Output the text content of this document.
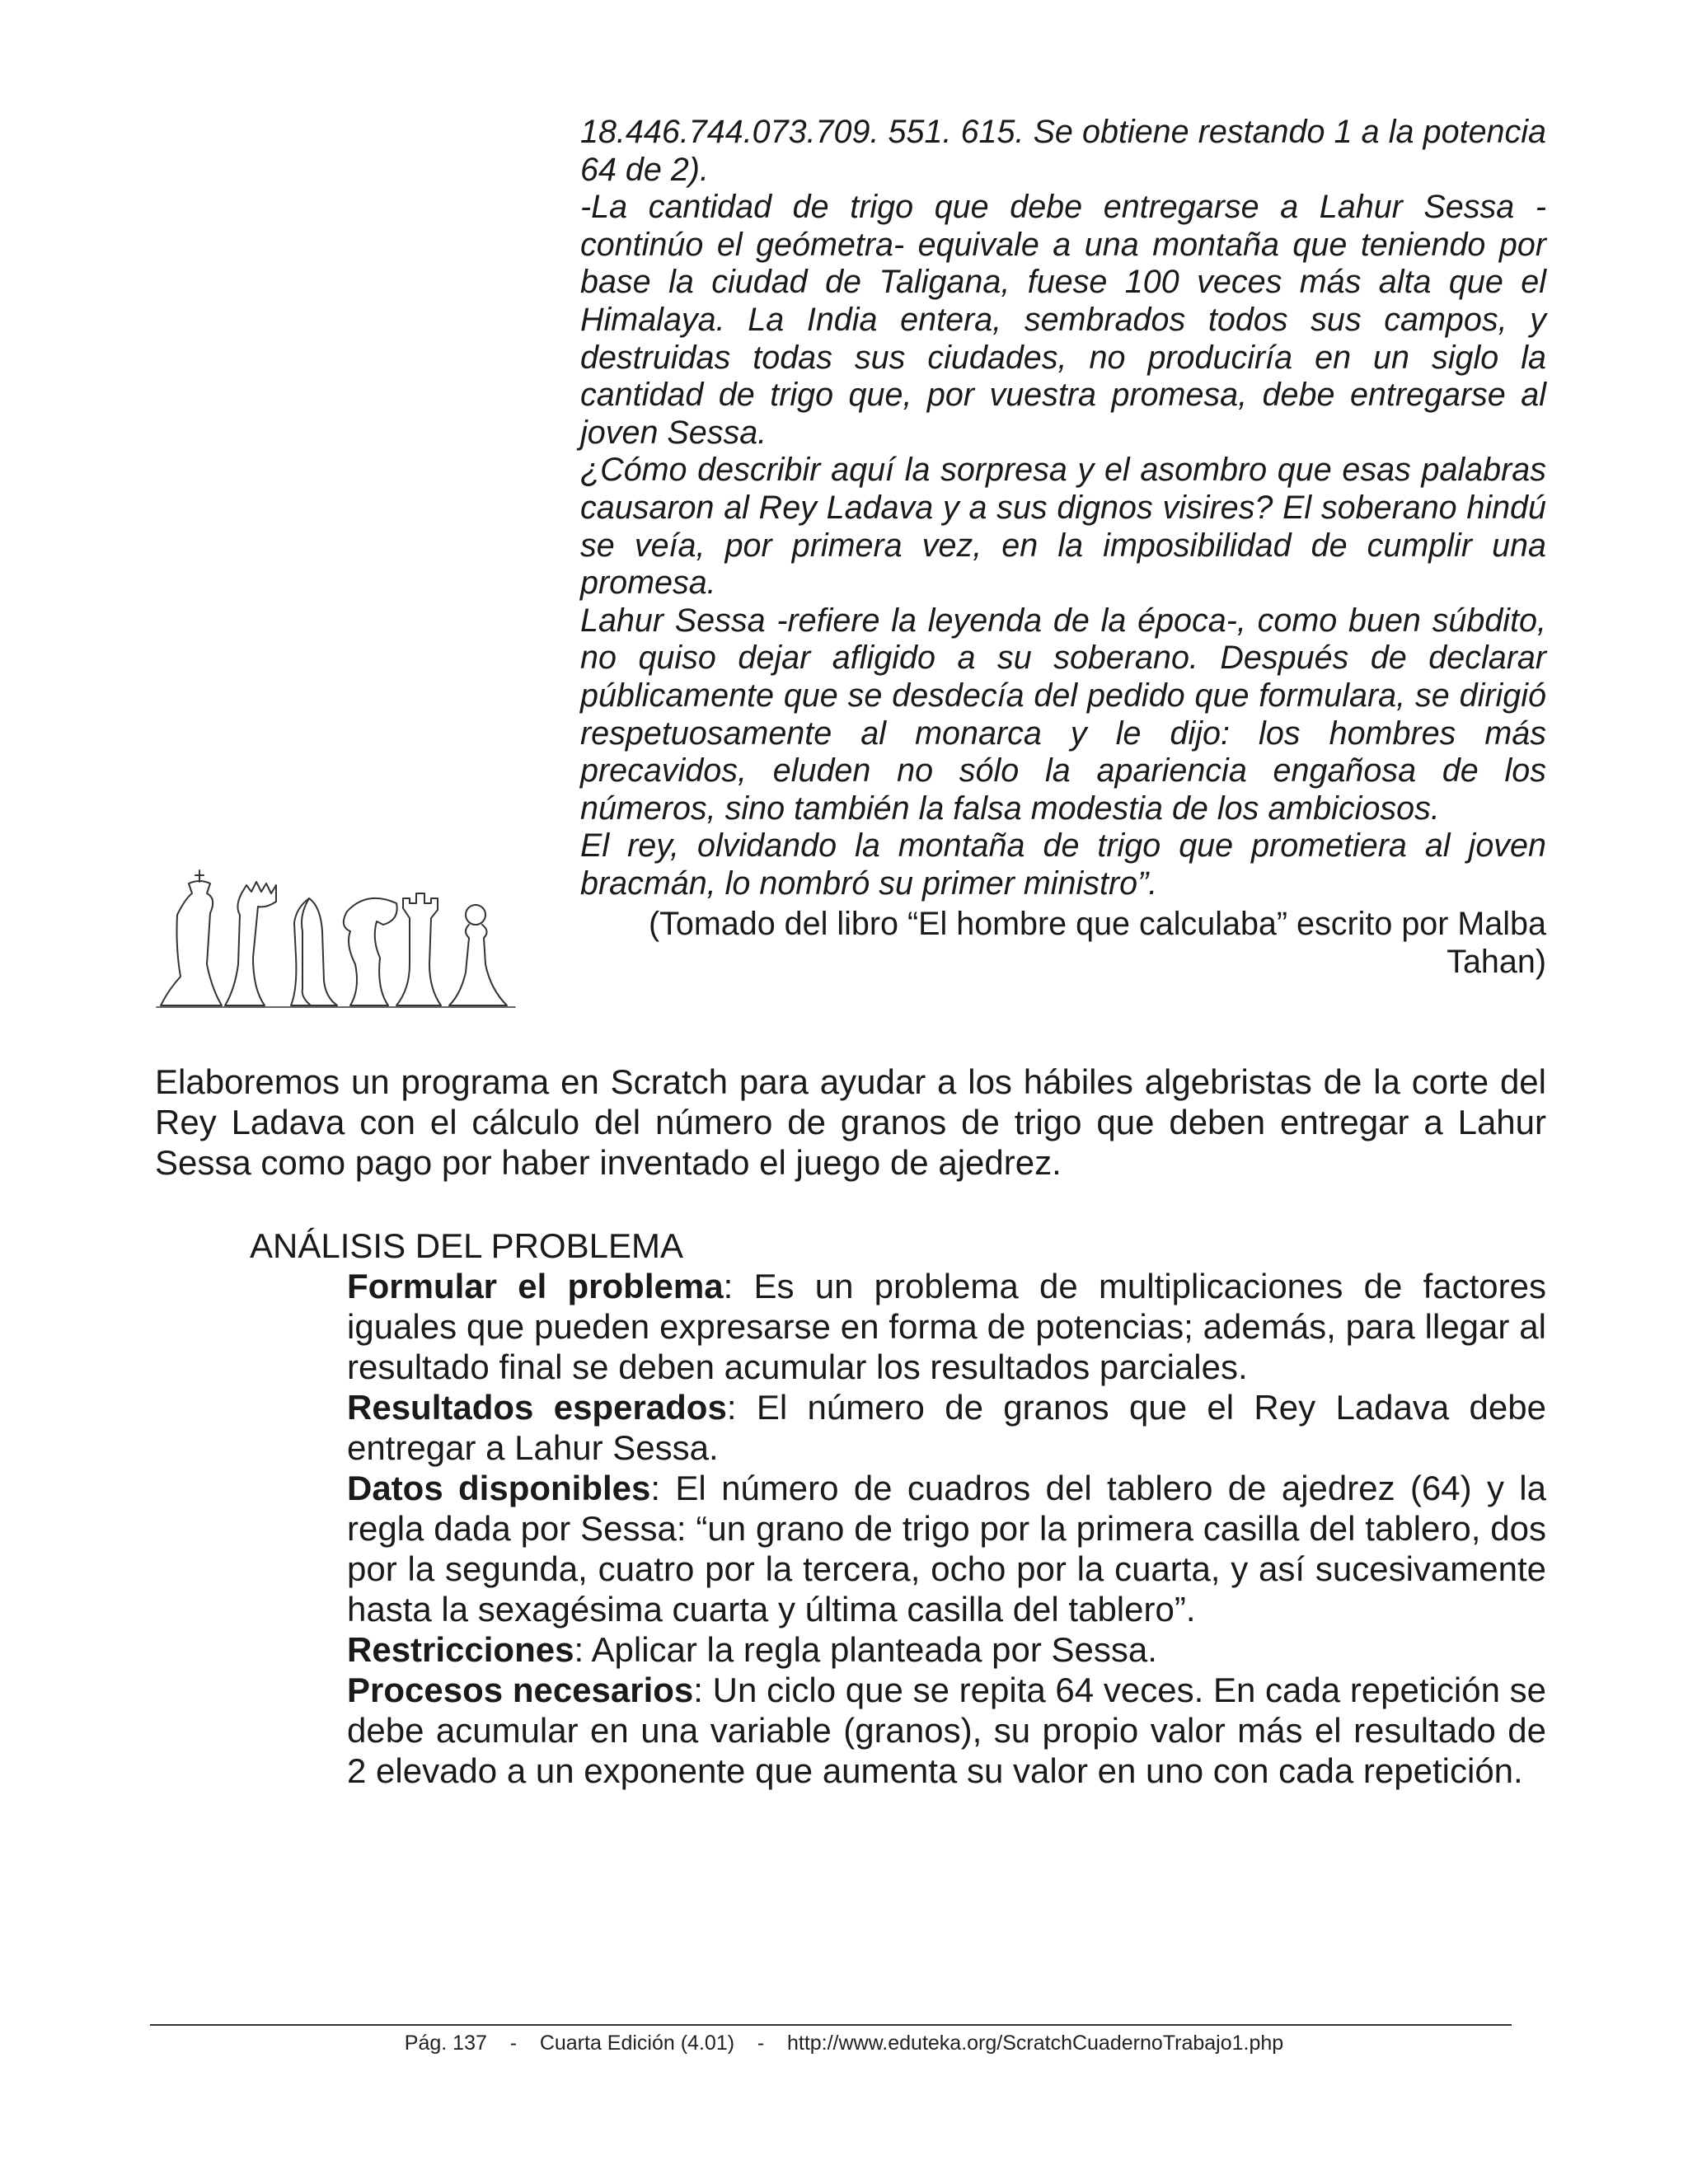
18.446.744.073.709. 551. 615. Se obtiene restando 1 a la potencia 64 de 2).

-La cantidad de trigo que debe entregarse a Lahur Sessa -continúo el geómetra- equivale a una montaña que teniendo por base la ciudad de Taligana, fuese 100 veces más alta que el Himalaya. La India entera, sembrados todos sus campos, y destruidas todas sus ciudades, no produciría en un siglo la cantidad de trigo que, por vuestra promesa, debe entregarse al joven Sessa.

¿Cómo describir aquí la sorpresa y el asombro que esas palabras causaron al Rey Ladava y a sus dignos visires? El soberano hindú se veía, por primera vez, en la imposibilidad de cumplir una promesa.

Lahur Sessa -refiere la leyenda de la época-, como buen súbdito, no quiso dejar afligido a su soberano. Después de declarar públicamente que se desdecía del pedido que formulara, se dirigió respetuosamente al monarca y le dijo: los hombres más precavidos, eluden no sólo la apariencia engañosa de los números, sino también la falsa modestia de los ambiciosos.

El rey, olvidando la montaña de trigo que prometiera al joven bracmán, lo nombró su primer ministro”.

(Tomado del libro “El hombre que calculaba” escrito por Malba Tahan)

Elaboremos un programa en Scratch para ayudar a los hábiles algebristas de la corte del Rey Ladava con el cálculo del número de granos de trigo que deben entregar a Lahur Sessa como pago por haber inventado el juego de ajedrez.

ANÁLISIS DEL PROBLEMA

Formular el problema: Es un problema de multiplicaciones de factores iguales que pueden expresarse en forma de potencias; además, para llegar al resultado final se deben acumular los resultados parciales.

Resultados esperados: El número de granos que el Rey Ladava debe entregar a Lahur Sessa.

Datos disponibles: El número de cuadros del tablero de ajedrez (64) y la regla dada por Sessa: “un grano de trigo por la primera casilla del tablero, dos por la segunda, cuatro por la tercera, ocho por la cuarta, y así sucesivamente hasta la sexagésima cuarta y última casilla del tablero”.

Restricciones: Aplicar la regla planteada por Sessa.

Procesos necesarios: Un ciclo que se repita 64 veces. En cada repetición se debe acumular en una variable (granos), su propio valor más el resultado de 2 elevado a un exponente que aumenta su valor en uno con cada repetición.

Pág. 137 - Cuarta Edición (4.01) - http://www.eduteka.org/ScratchCuadernoTrabajo1.php
